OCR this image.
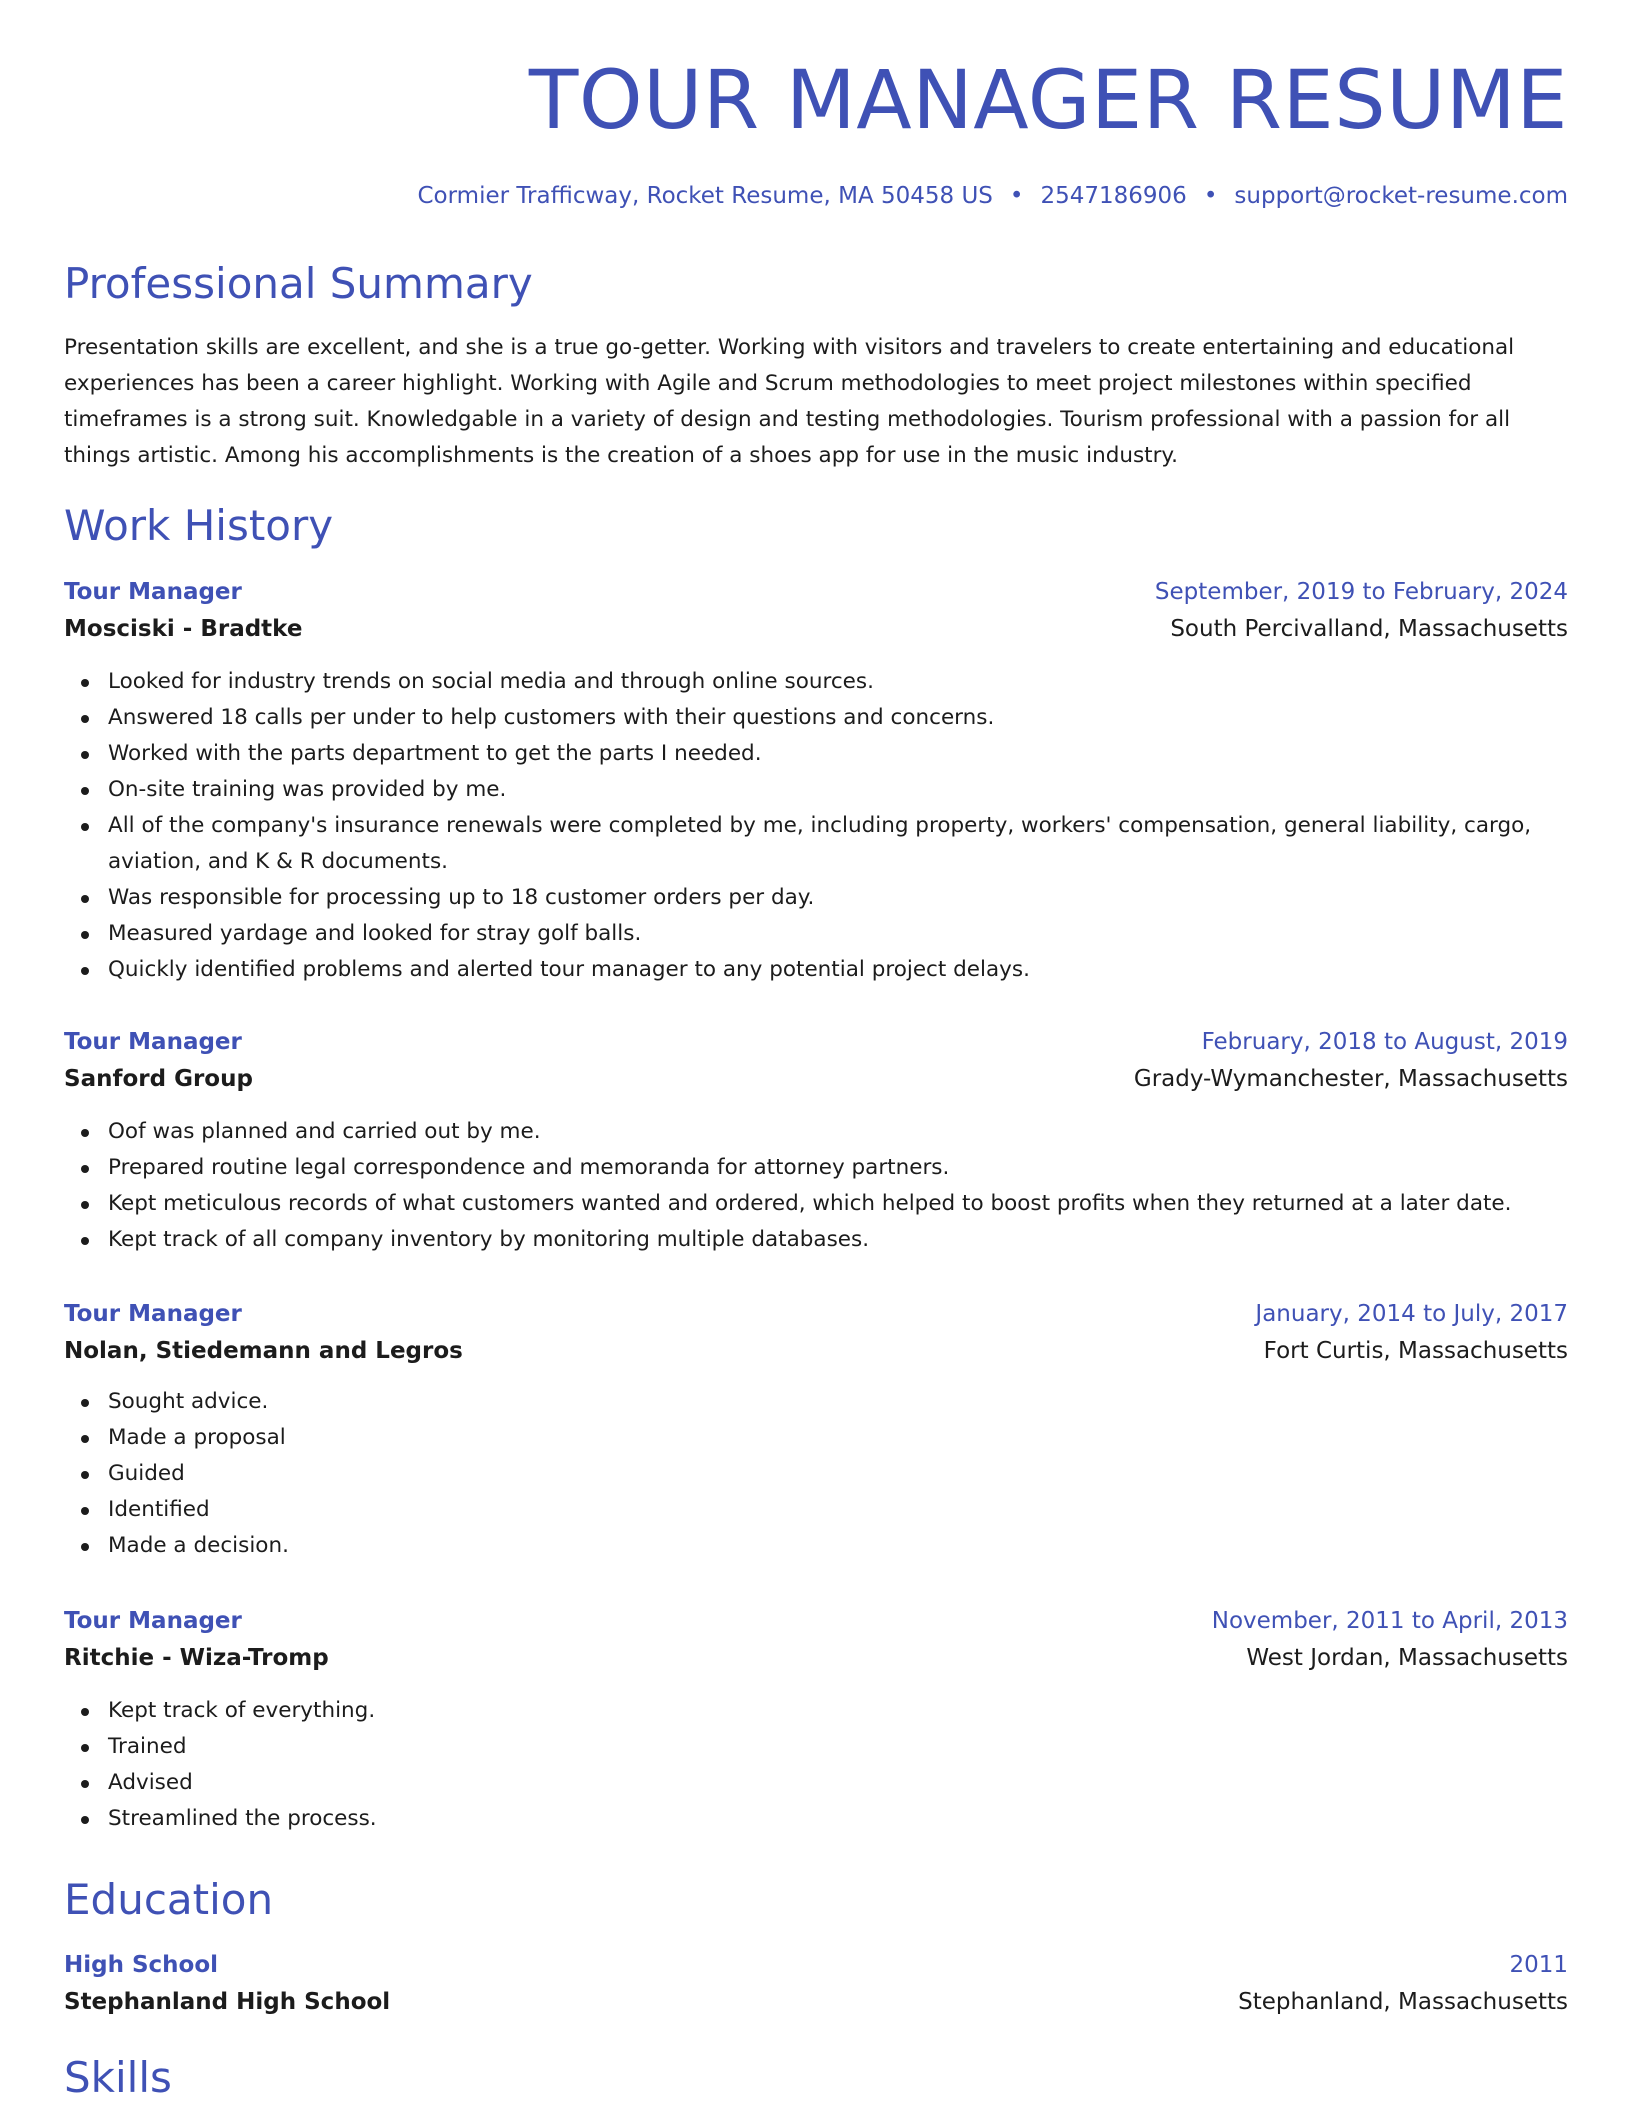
TOUR MANAGER RESUME
Cormier Trafficway, Rocket Resume, MA 50458 US • 2547186906 • support@rocket-resume.com
Professional Summary

Presentation skills are excellent, and she is a true go-getter. Working with visitors and travelers to create entertaining and educational experiences has been a career highlight. Working with Agile and Scrum methodologies to meet project milestones within specified timeframes is a strong suit. Knowledgable in a variety of design and testing methodologies. Tourism professional with a passion for all things artistic. Among his accomplishments is the creation of a shoes app for use in the music industry.

Work History
Tour Manager	September, 2019 to February, 2024
Mosciski - Bradtke	South Percivalland, Massachusetts
Looked for industry trends on social media and through online sources.
Answered 18 calls per under to help customers with their questions and concerns.
Worked with the parts department to get the parts I needed.
On-site training was provided by me.
All of the company's insurance renewals were completed by me, including property, workers' compensation, general liability, cargo, aviation, and K & R documents.
Was responsible for processing up to 18 customer orders per day.
Measured yardage and looked for stray golf balls.
Quickly identified problems and alerted tour manager to any potential project delays.
Tour Manager	February, 2018 to August, 2019
Sanford Group	Grady-Wymanchester, Massachusetts
Oof was planned and carried out by me.
Prepared routine legal correspondence and memoranda for attorney partners.
Kept meticulous records of what customers wanted and ordered, which helped to boost profits when they returned at a later date.
Kept track of all company inventory by monitoring multiple databases.
Tour Manager	January, 2014 to July, 2017
Nolan, Stiedemann and Legros	Fort Curtis, Massachusetts
Sought advice.
Made a proposal
Guided
Identified
Made a decision.
Tour Manager	November, 2011 to April, 2013
Ritchie - Wiza-Tromp	West Jordan, Massachusetts
Kept track of everything.
Trained
Advised
Streamlined the process.
Education
High School	2011
Stephanland High School	Stephanland, Massachusetts
Skills
